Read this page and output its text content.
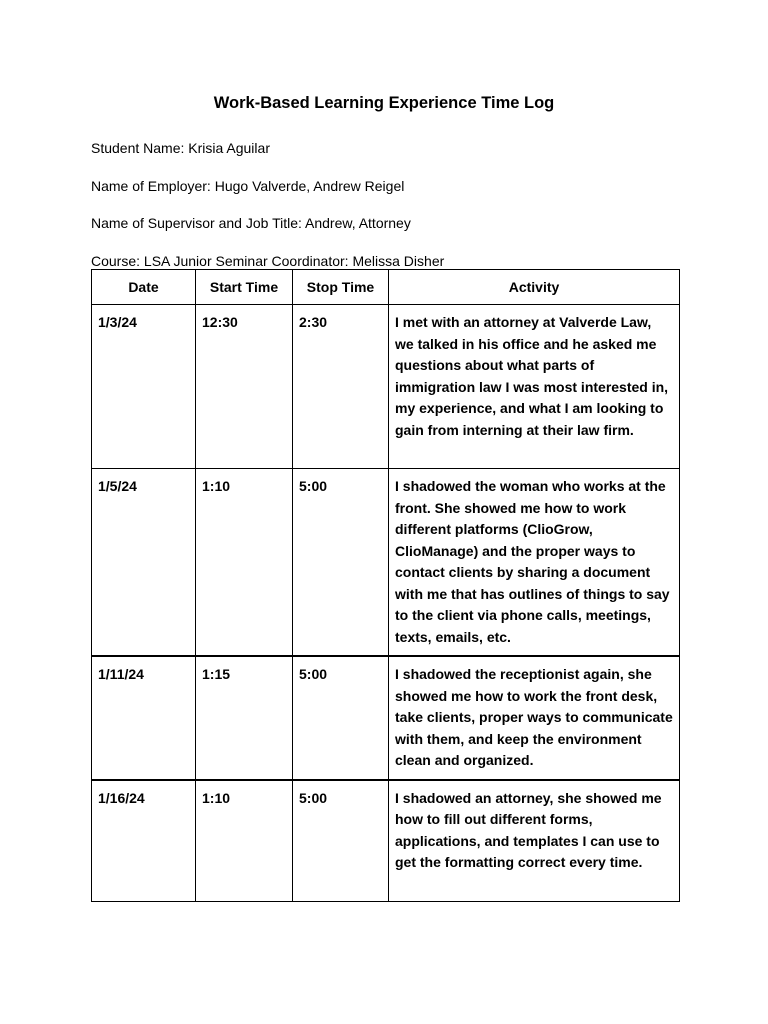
Work-Based Learning Experience Time Log

Student Name: Krisia Aguilar

Name of Employer: Hugo Valverde, Andrew Reigel

Name of Supervisor and Job Title: Andrew, Attorney

Course: LSA Junior Seminar Coordinator: Melissa Disher

Date	Start Time	Stop Time	Activity
1/3/24	12:30	2:30	I met with an attorney at Valverde Law, we talked in his office and he asked me questions about what parts of immigration law I was most interested in, my experience, and what I am looking to gain from interning at their law firm.
1/5/24	1:10	5:00	I shadowed the woman who works at the front. She showed me how to work different platforms (ClioGrow, ClioManage) and the proper ways to contact clients by sharing a document with me that has outlines of things to say to the client via phone calls, meetings, texts, emails, etc.
1/11/24	1:15	5:00	I shadowed the receptionist again, she showed me how to work the front desk, take clients, proper ways to communicate with them, and keep the environment clean and organized.
1/16/24	1:10	5:00	I shadowed an attorney, she showed me how to fill out different forms, applications, and templates I can use to get the formatting correct every time.
